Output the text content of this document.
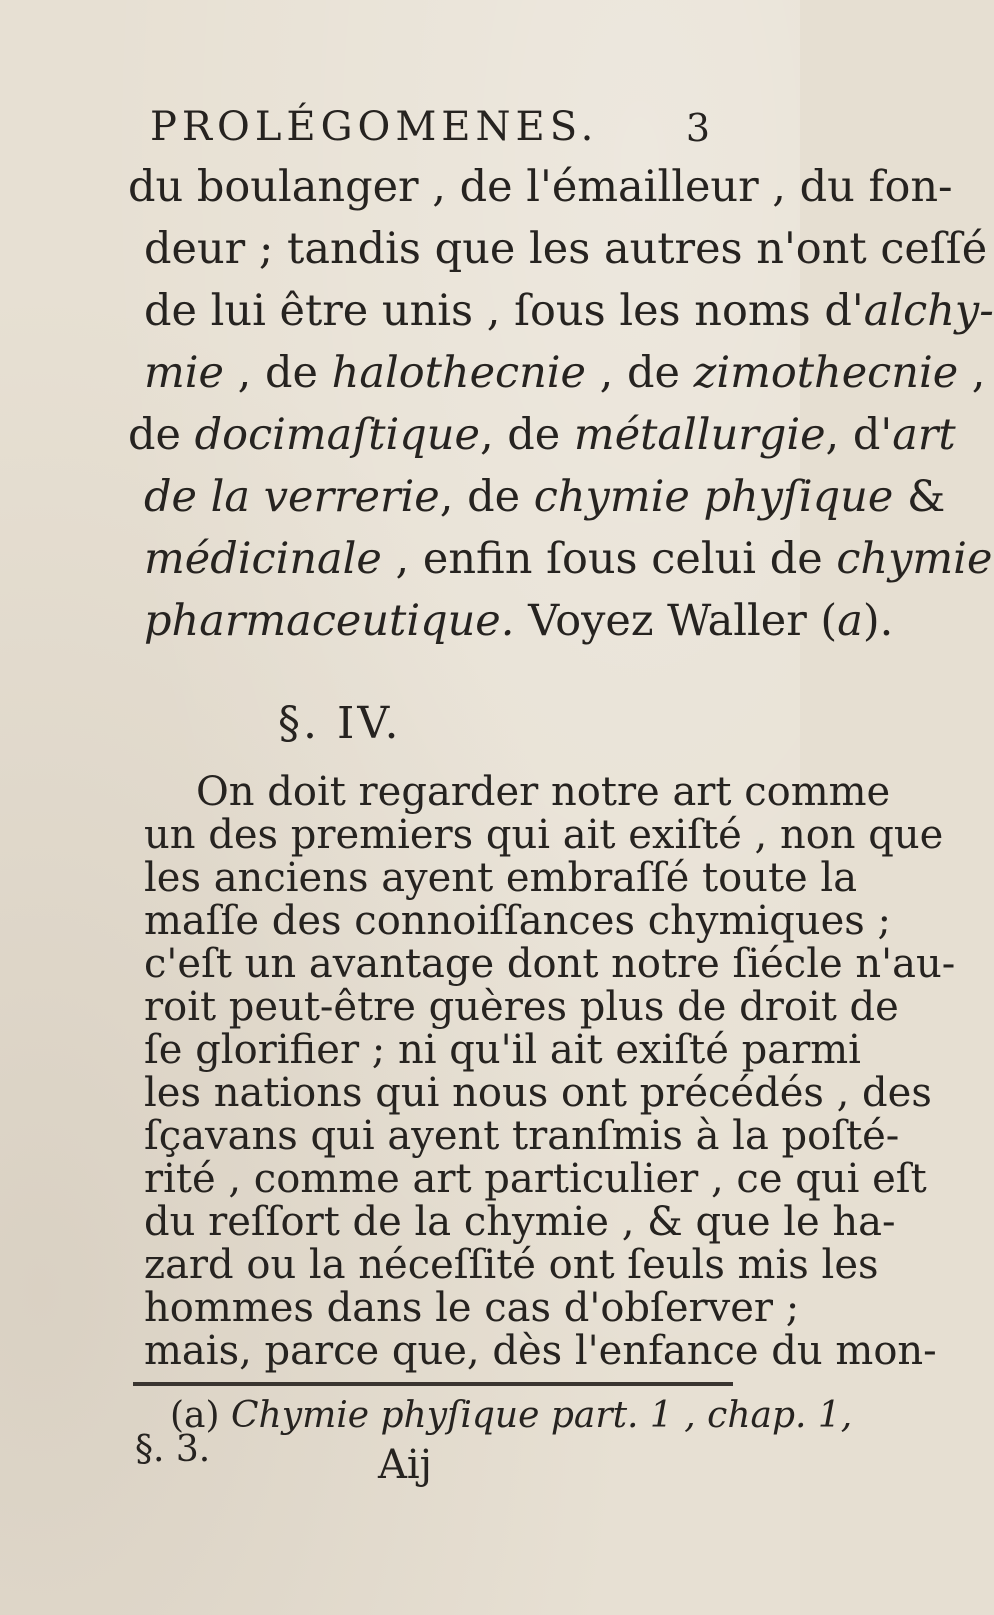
PROLÉGOMENES. 3
du boulanger , de l'émailleur , du fon-
deur ; tandis que les autres n'ont ceſſé
de lui être unis , ſous les noms d'alchy-
mie , de halothecnie , de zimothecnie ,
de docimaſtique, de métallurgie, d'art
de la verrerie, de chymie phyſique &
médicinale , enfin ſous celui de chymie
pharmaceutique. Voyez Waller (a).
§. IV.
On doit regarder notre art comme
un des premiers qui ait exiſté , non que
les anciens ayent embraſſé toute la
maſſe des connoiſſances chymiques ;
c'eſt un avantage dont notre ſiécle n'au-
roit peut-être guères plus de droit de
ſe glorifier ; ni qu'il ait exiſté parmi
les nations qui nous ont précédés , des
ſçavans qui ayent tranſmis à la poſté-
rité , comme art particulier , ce qui eſt
du reſſort de la chymie , & que le ha-
zard ou la néceſſité ont ſeuls mis les
hommes dans le cas d'obſerver ;
mais, parce que, dès l'enfance du mon-
(a) Chymie phyſique part. 1 , chap. 1,
§. 3.	Aij
